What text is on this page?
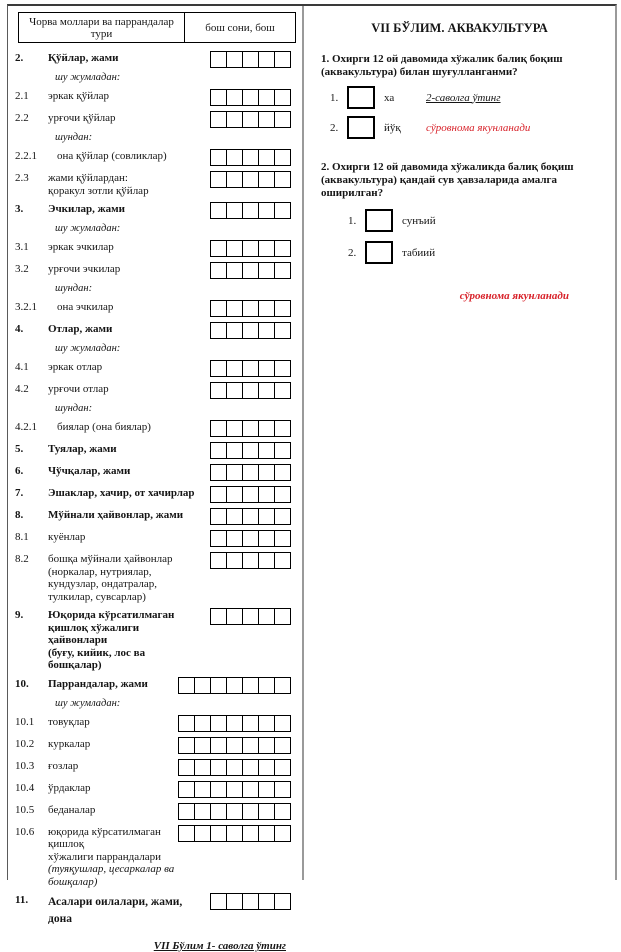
Чорва моллари ва паррандалар тури	бош сони, бош
2.	Қўйлар, жами
шу жумладан:
2.1	эркак қўйлар
2.2	урғочи қўйлар
шундан:
2.2.1	она қўйлар (совликлар)
2.3	жами қўйлардан:
қоракул зотли қўйлар
3.	Эчкилар, жами
шу жумладан:
3.1	эркак эчкилар
3.2	урғочи эчкилар
шундан:
3.2.1	она эчкилар
4.	Отлар, жами
шу жумладан:
4.1	эркак отлар
4.2	урғочи отлар
шундан:
4.2.1	биялар (она биялар)
5.	Туялар, жами
6.	Чўчқалар, жами
7.	Эшаклар, хачир, от хачирлар
8.	Мўйнали ҳайвонлар, жами
8.1	куёнлар
8.2	бошқа мўйнали ҳайвонлар
(норкалар, нутриялар,
кундузлар, ондатралар,
тулкилар, сувсарлар)
9.	Юқорида кўрсатилмаган
қишлоқ хўжалиги ҳайвонлари
(буғу, кийик, лос ва бошқалар)
10.	Паррандалар, жами
шу жумладан:
10.1	товуқлар
10.2	куркалар
10.3	ғозлар
10.4	ўрдаклар
10.5	беданалар
10.6	юқорида кўрсатилмаган қишлоқ
хўжалиги паррандалари
(туяқушлар, цесаркалар ва
бошқалар)
11.	Асалари оилалари, жами,
дона
VII Бўлим 1- саволга ўтинг
VII БЎЛИМ. АКВАКУЛЬТУРА
1. Охирги 12 ой давомида хўжалик балиқ боқиш (аквакультура) билан шуғулланганми?
1.	ха	2-саволга ўтинг
2.	йўқ	сўровнома якунланади
2. Охирги 12 ой давомида хўжаликда балиқ боқиш (аквакультура) қандай сув ҳавзаларида амалга оширилган?
1.	сунъий
2.	табиий
сўровнома якунланади
